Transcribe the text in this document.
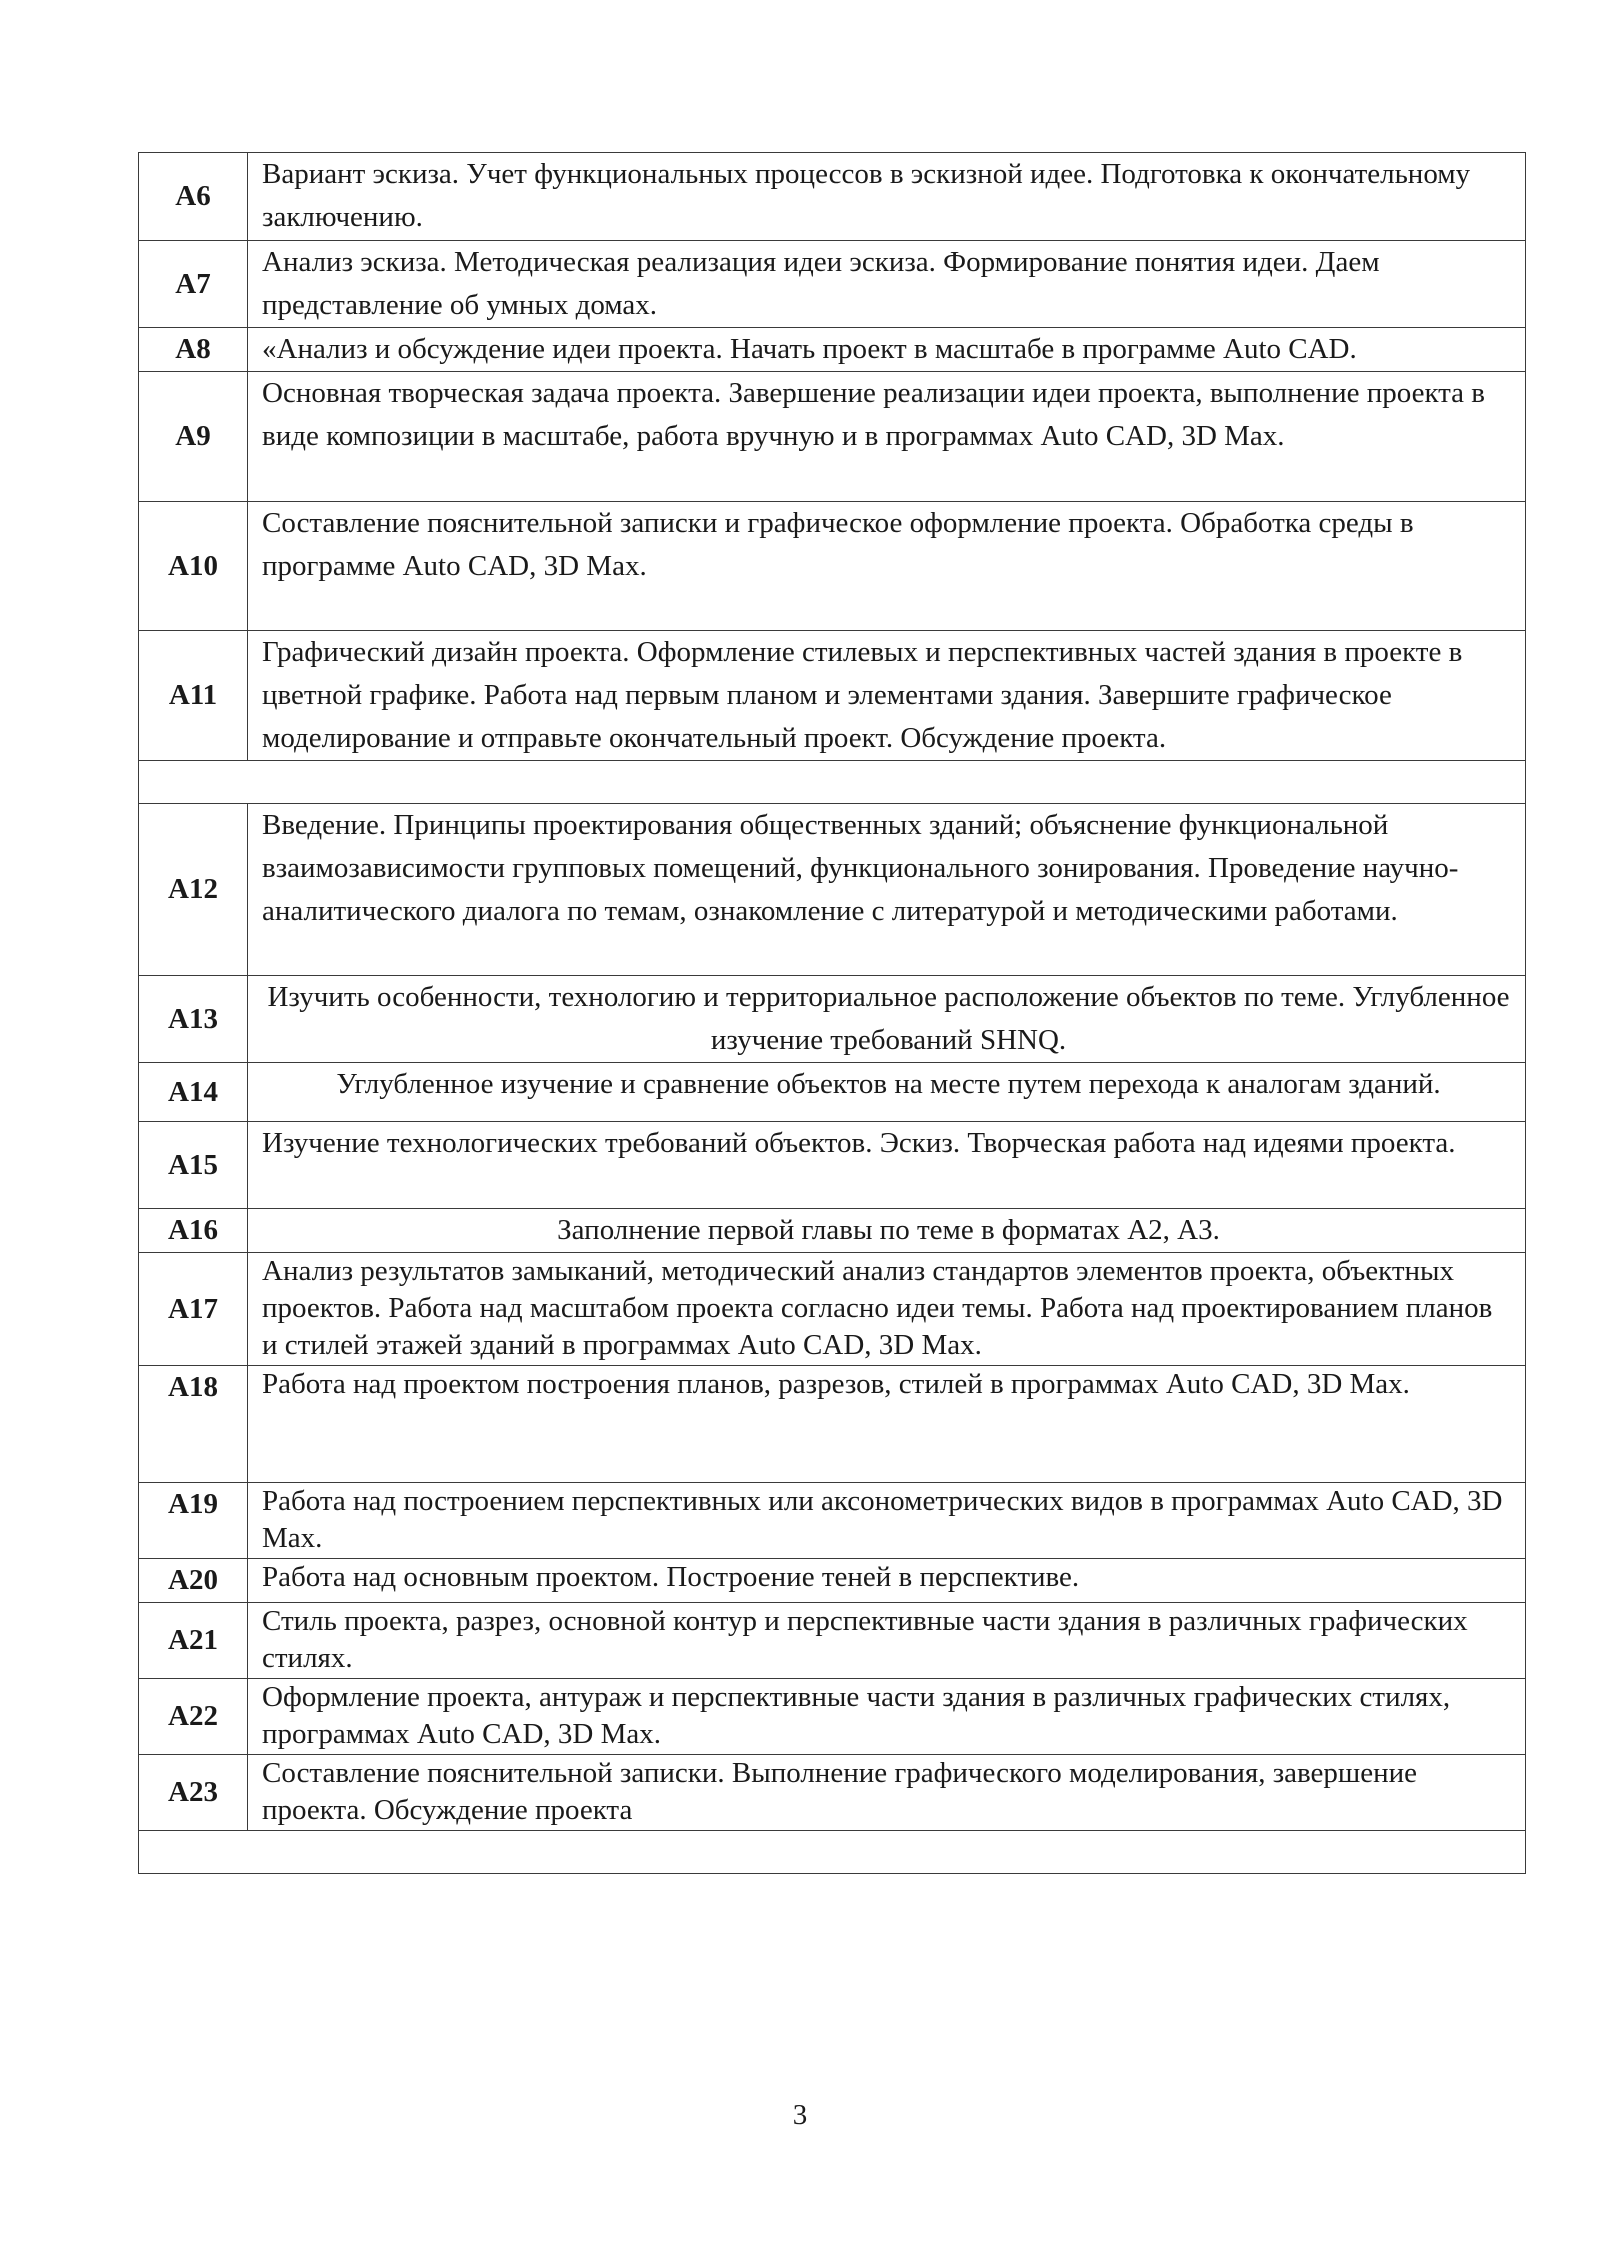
A6	Вариант эскиза. Учет функциональных процессов в эскизной идее. Подготовка к окончательному заключению.
A7	Анализ эскиза. Методическая реализация идеи эскиза. Формирование понятия идеи. Даем представление об умных домах.
A8	«Анализ и обсуждение идеи проекта. Начать проект в масштабе в программе Auto CAD.
A9	Основная творческая задача проекта. Завершение реализации идеи проекта, выполнение проекта в виде композиции в масштабе, работа вручную и в программах Auto CAD, 3D Max.
A10	Составление пояснительной записки и графическое оформление проекта. Обработка среды в программе Auto CAD, 3D Max.
A11	Графический дизайн проекта. Оформление стилевых и перспективных частей здания в проекте в цветной графике. Работа над первым планом и элементами здания. Завершите графическое моделирование и отправьте окончательный проект. Обсуждение проекта.

A12	Введение. Принципы проектирования общественных зданий; объяснение функциональной взаимозависимости групповых помещений, функционального зонирования. Проведение научно-аналитического диалога по темам, ознакомление с литературой и методическими работами.
A13	Изучить особенности, технологию и территориальное расположение объектов по теме. Углубленное изучение требований SHNQ.
A14	Углубленное изучение и сравнение объектов на месте путем перехода к аналогам зданий.
A15	Изучение технологических требований объектов. Эскиз. Творческая работа над идеями проекта.
A16	Заполнение первой главы по теме в форматах А2, А3.
A17	Анализ результатов замыканий, методический анализ стандартов элементов проекта, объектных проектов. Работа над масштабом проекта согласно идеи темы. Работа над проектированием планов и стилей этажей зданий в программах Auto CAD, 3D Max.
A18	Работа над проектом построения планов, разрезов, стилей в программах Auto CAD, 3D Max.
A19	Работа над построением перспективных или аксонометрических видов в программах Auto CAD, 3D Max.
A20	Работа над основным проектом. Построение теней в перспективе.
A21	Стиль проекта, разрез, основной контур и перспективные части здания в различных графических стилях.
A22	Оформление проекта, антураж и перспективные части здания в различных графических стилях, программах Auto CAD, 3D Max.
A23	Составление пояснительной записки. Выполнение графического моделирования, завершение проекта. Обсуждение проекта

3
